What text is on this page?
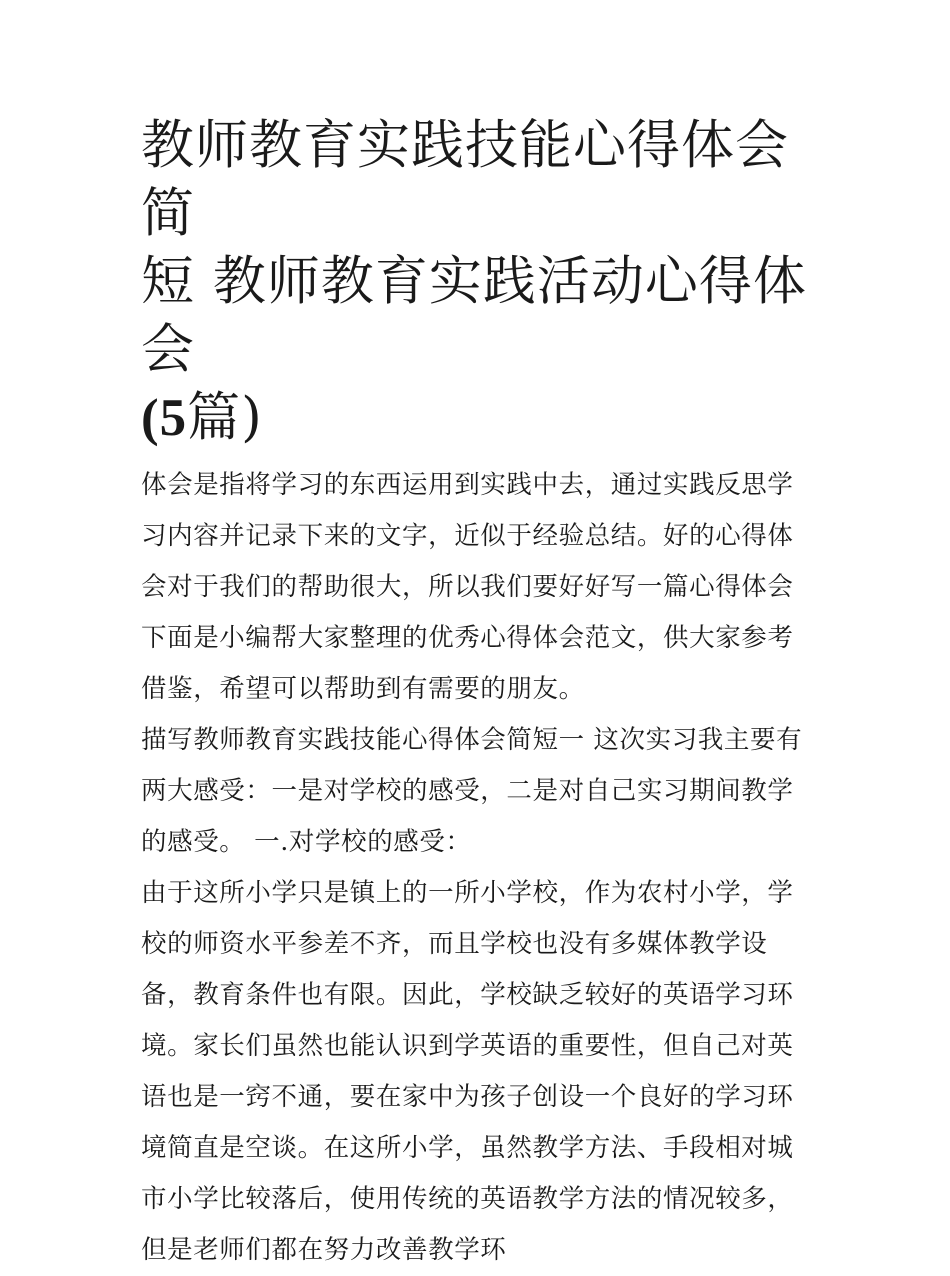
教师教育实践技能心得体会简
短 教师教育实践活动心得体会
(5篇)

体会是指将学习的东西运用到实践中去，通过实践反思学习内容并记录下来的文字，近似于经验总结。好的心得体会对于我们的帮助很大，所以我们要好好写一篇心得体会下面是小编帮大家整理的优秀心得体会范文，供大家参考借鉴，希望可以帮助到有需要的朋友。

描写教师教育实践技能心得体会简短一 这次实习我主要有两大感受：一是对学校的感受，二是对自己实习期间教学的感受。 一.对学校的感受：

由于这所小学只是镇上的一所小学校，作为农村小学，学校的师资水平参差不齐，而且学校也没有多媒体教学设备，教育条件也有限。因此，学校缺乏较好的英语学习环境。家长们虽然也能认识到学英语的重要性，但自己对英语也是一窍不通，要在家中为孩子创设一个良好的学习环境简直是空谈。在这所小学，虽然教学方法、手段相对城市小学比较落后，使用传统的英语教学方法的情况较多，但是老师们都在努力改善教学环
